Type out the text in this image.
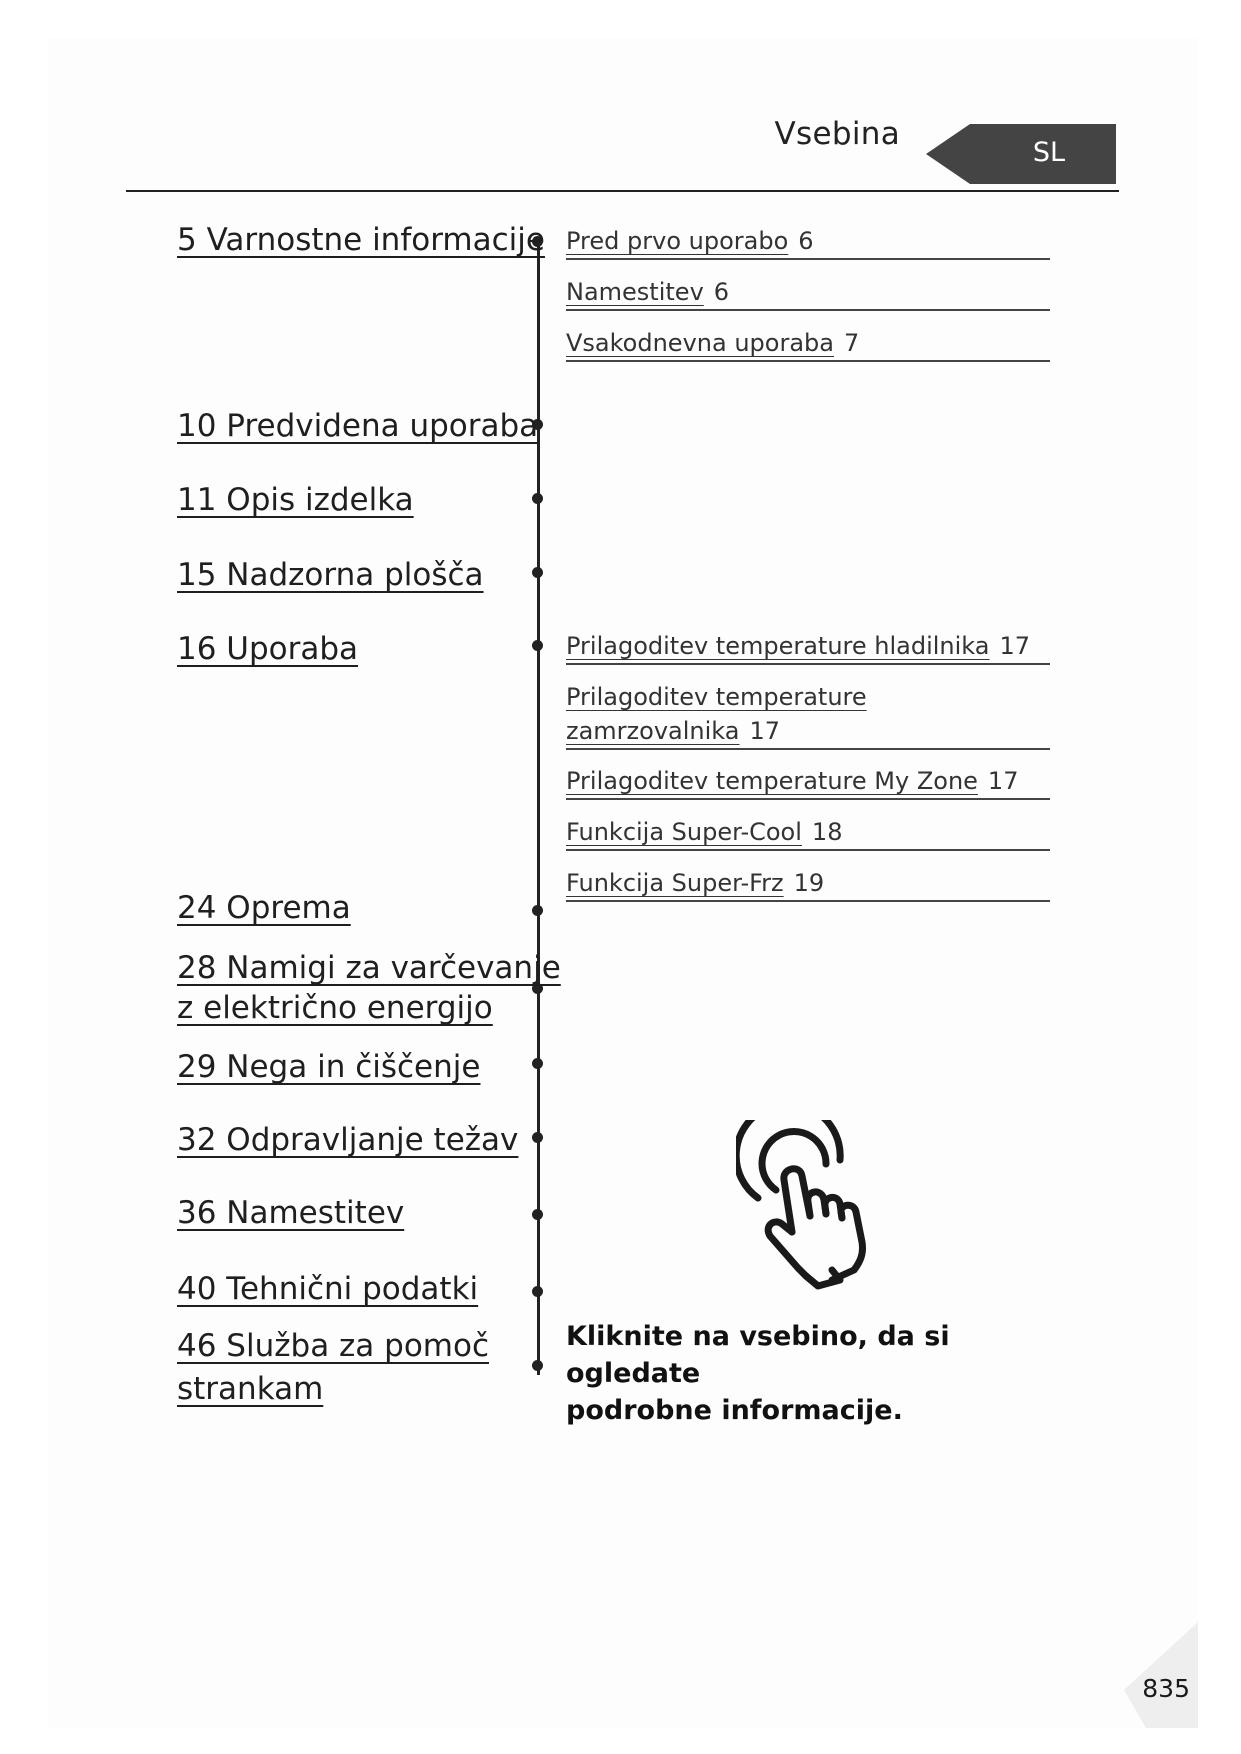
Vsebina
SL
5 Varnostne informacije
10 Predvidena uporaba
11 Opis izdelka
15 Nadzorna plošča
16 Uporaba
24 Oprema
28 Namigi za varčevanje
z električno energijo
29 Nega in čiščenje
32 Odpravljanje težav
36 Namestitev
40 Tehnični podatki
46 Služba za pomoč
strankam
Pred prvo uporabo 6
Namestitev 6
Vsakodnevna uporaba 7
Prilagoditev temperature hladilnika 17
Prilagoditev temperature
zamrzovalnika 17
Prilagoditev temperature My Zone 17
Funkcija Super-Cool 18
Funkcija Super-Frz 19
Kliknite na vsebino, da si ogledate
podrobne informacije.
835
